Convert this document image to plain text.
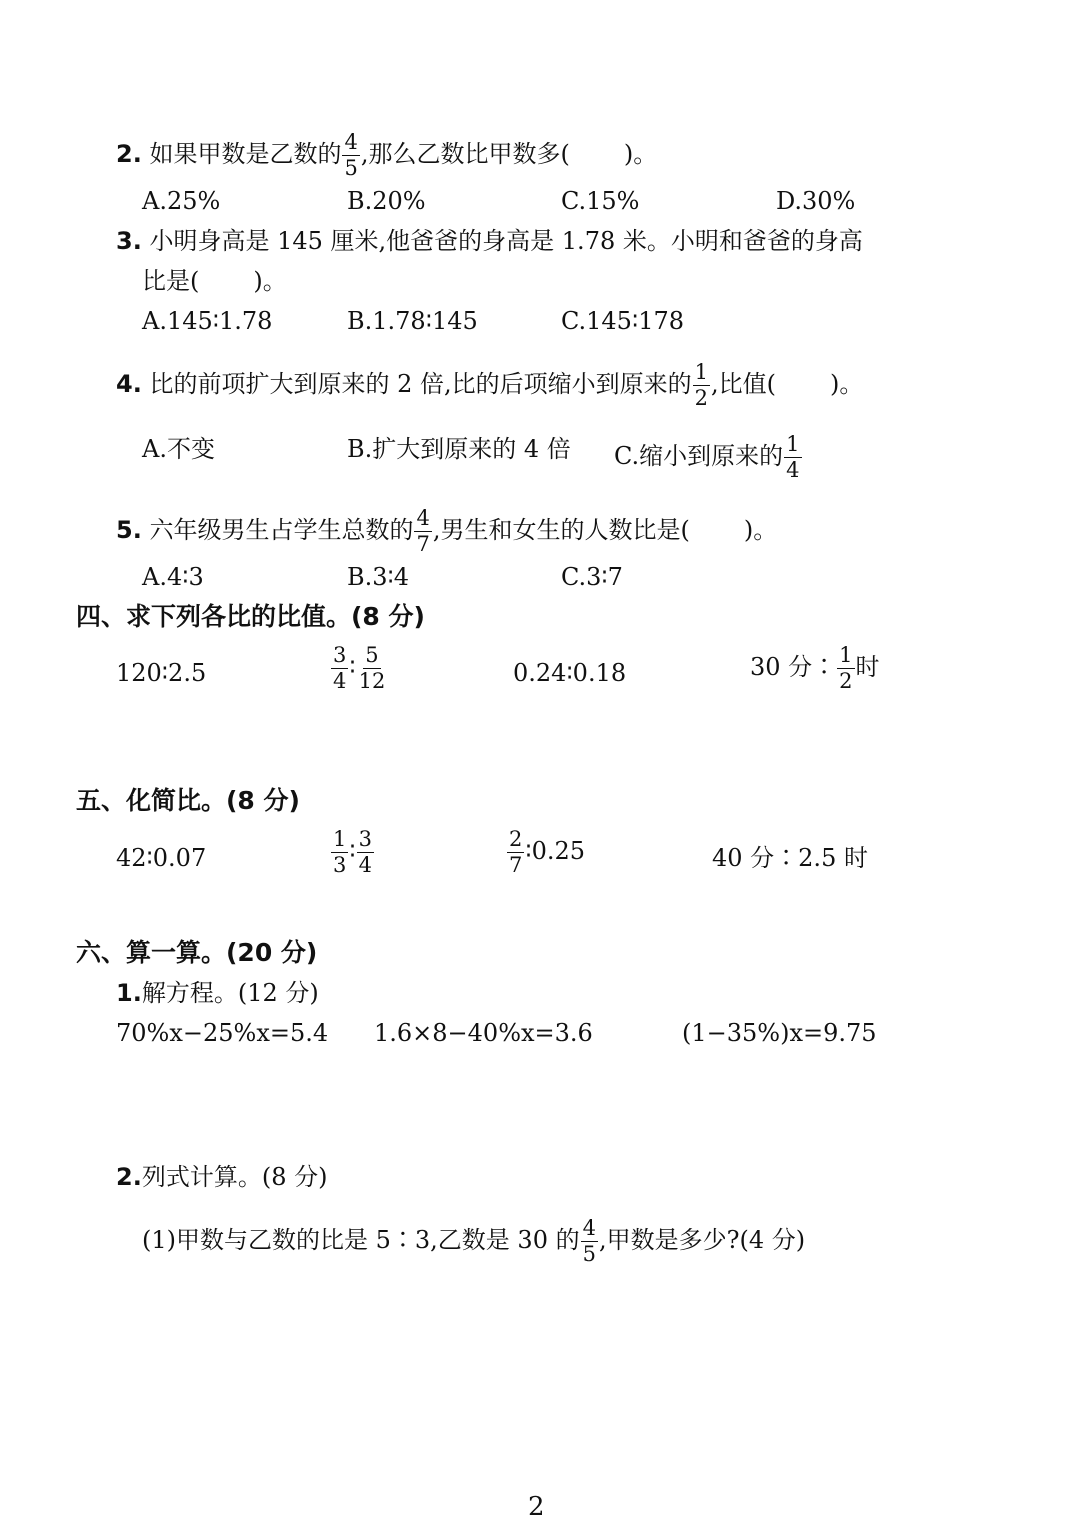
2. 如果甲数是乙数的 $\frac{4}{5}$ ,那么乙数比甲数多( )。
A.25%	B.20%	C.15%	D.30%
3. 小明身高是 145 厘米,他爸爸的身高是 1.78 米。小明和爸爸的身高
比是( )。
A.145∶1.78	B.1.78∶145	C.145∶178
4. 比的前项扩大到原来的 2 倍,比的后项缩小到原来的 $\frac{1}{2}$ ,比值( )。
A.不变	B.扩大到原来的 4 倍 C.缩小到原来的 $\frac{1}{4}$
5. 六年级男生占学生总数的 $\frac{4}{7}$ ,男生和女生的人数比是( )。
A.4∶3	B.3∶4	C.3∶7
四、求下列各比的比值。(8 分)
120∶2.5	$\frac{3}{4}$ ∶ $\frac{5}{12}$	0.24∶0.18	30 分∶ $\frac{1}{2}$ 时
五、化简比。(8 分)
42∶0.07	$\frac{1}{3}$ ∶ $\frac{3}{4}$	$\frac{2}{7}$ ∶0.25	40 分∶2.5 时
六、算一算。(20 分)
1.解方程。(12 分)
70%x−25%x=5.4 1.6×8−40%x=3.6	(1−35%)x=9.75
2.列式计算。(8 分)
(1)甲数与乙数的比是 5∶3,乙数是 30 的 $\frac{4}{5}$ ,甲数是多少?(4 分)
2
